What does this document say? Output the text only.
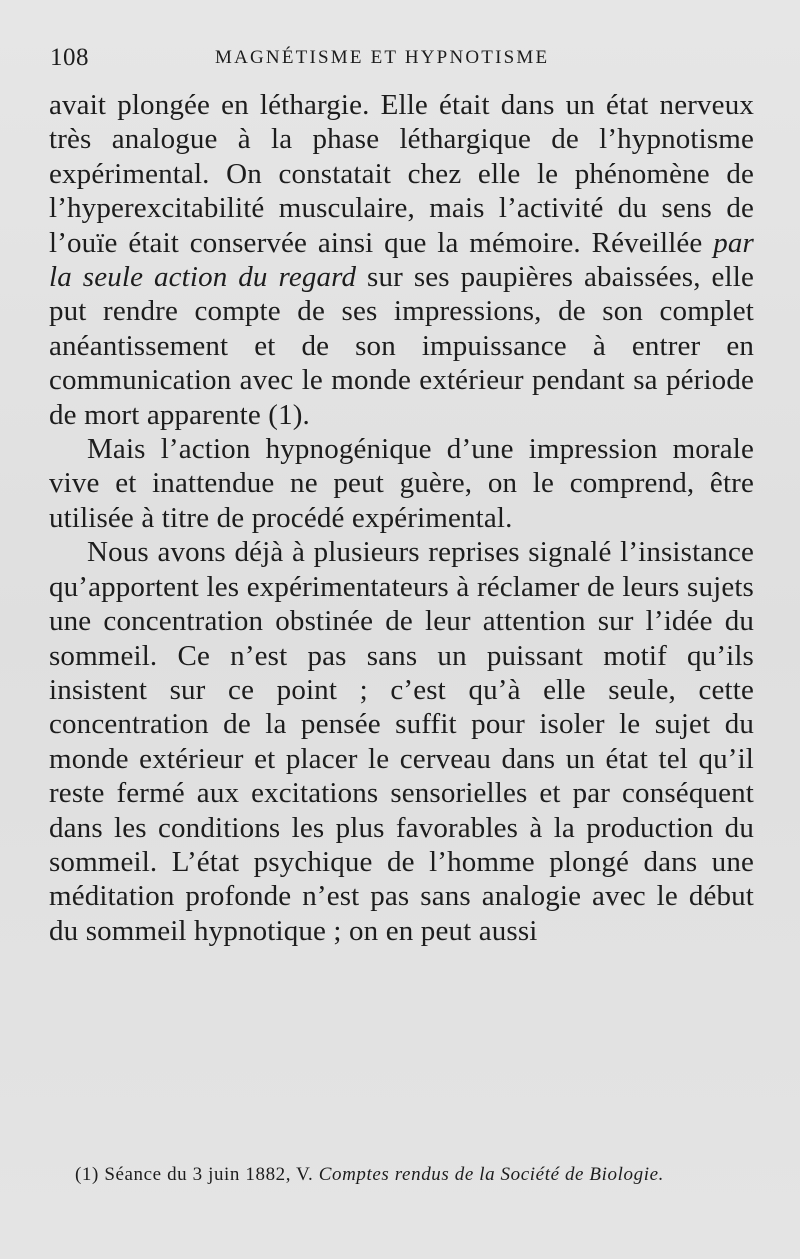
108	MAGNÉTISME ET HYPNOTISME

avait plongée en léthargie. Elle était dans un état nerveux très analogue à la phase léthargique de l’hypnotisme expérimental. On constatait chez elle le phénomène de l’hyperexcitabilité musculaire, mais l’activité du sens de l’ouïe était conservée ainsi que la mémoire. Réveillée par la seule action du regard sur ses paupières abaissées, elle put rendre compte de ses impressions, de son complet anéantissement et de son impuissance à entrer en communication avec le monde extérieur pendant sa période de mort apparente (1).

Mais l’action hypnogénique d’une impression morale vive et inattendue ne peut guère, on le comprend, être utilisée à titre de procédé expérimental.

Nous avons déjà à plusieurs reprises signalé l’insistance qu’apportent les expérimentateurs à réclamer de leurs sujets une concentration obstinée de leur attention sur l’idée du sommeil. Ce n’est pas sans un puissant motif qu’ils insistent sur ce point ; c’est qu’à elle seule, cette concentration de la pensée suffit pour isoler le sujet du monde extérieur et placer le cerveau dans un état tel qu’il reste fermé aux excitations sensorielles et par conséquent dans les conditions les plus favorables à la production du sommeil. L’état psychique de l’homme plongé dans une méditation profonde n’est pas sans analogie avec le début du sommeil hypnotique ; on en peut aussi

(1) Séance du 3 juin 1882, V. Comptes rendus de la Société de Biologie.
